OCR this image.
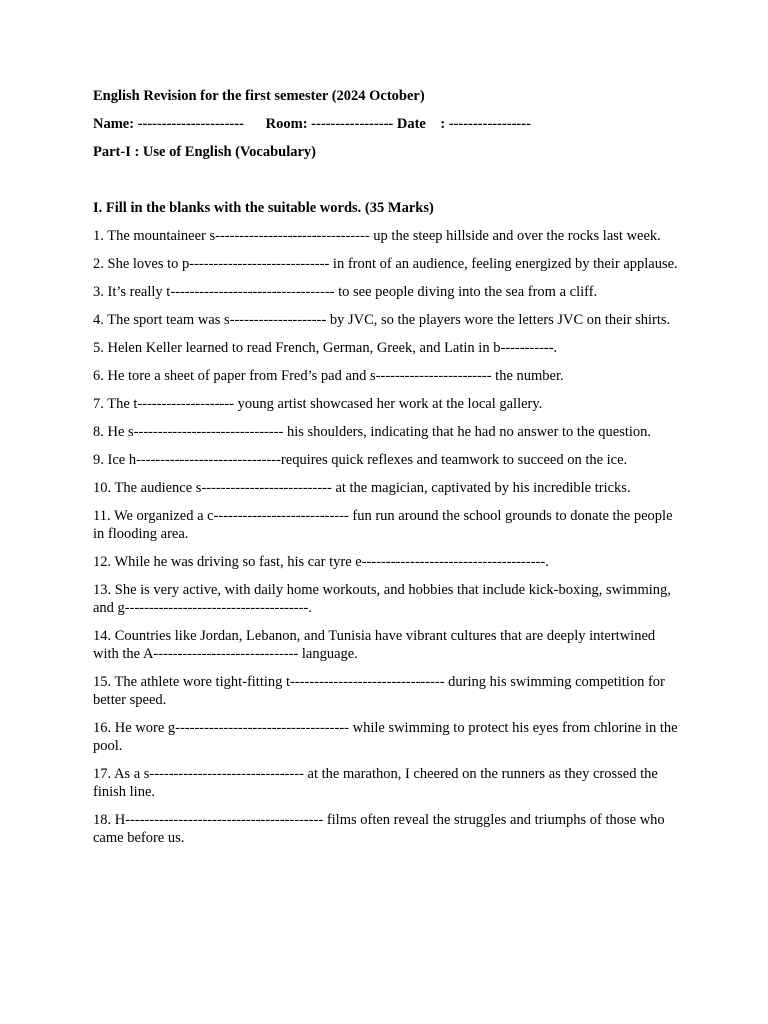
English Revision for the first semester (2024 October)
Name: ----------------------      Room: ----------------- Date    : -----------------
Part-I : Use of English (Vocabulary)
I. Fill in the blanks with the suitable words. (35 Marks)

1. The mountaineer s-------------------------------- up the steep hillside and over the rocks last week.

2. She loves to p----------------------------- in front of an audience, feeling energized by their applause.

3. It’s really t---------------------------------- to see people diving into the sea from a cliff.

4. The sport team was s-------------------- by JVC, so the players wore the letters JVC on their shirts.

5. Helen Keller learned to read French, German, Greek, and Latin in b-----------.

6. He tore a sheet of paper from Fred’s pad and s------------------------ the number.

7. The t-------------------- young artist showcased her work at the local gallery.

8. He s------------------------------- his shoulders, indicating that he had no answer to the question.

9. Ice h------------------------------requires quick reflexes and teamwork to succeed on the ice.

10. The audience s--------------------------- at the magician, captivated by his incredible tricks.

11. We organized a c---------------------------- fun run around the school grounds to donate the people in flooding area.

12. While he was driving so fast, his car tyre e--------------------------------------.

13. She is very active, with daily home workouts, and hobbies that include kick-boxing, swimming, and g--------------------------------------.

14. Countries like Jordan, Lebanon, and Tunisia have vibrant cultures that are deeply intertwined with the A------------------------------ language.

15. The athlete wore tight-fitting t-------------------------------- during his swimming competition for better speed.

16. He wore g------------------------------------ while swimming to protect his eyes from chlorine in the pool.

17. As a s-------------------------------- at the marathon, I cheered on the runners as they crossed the finish line.

18. H----------------------------------------- films often reveal the struggles and triumphs of those who came before us.
